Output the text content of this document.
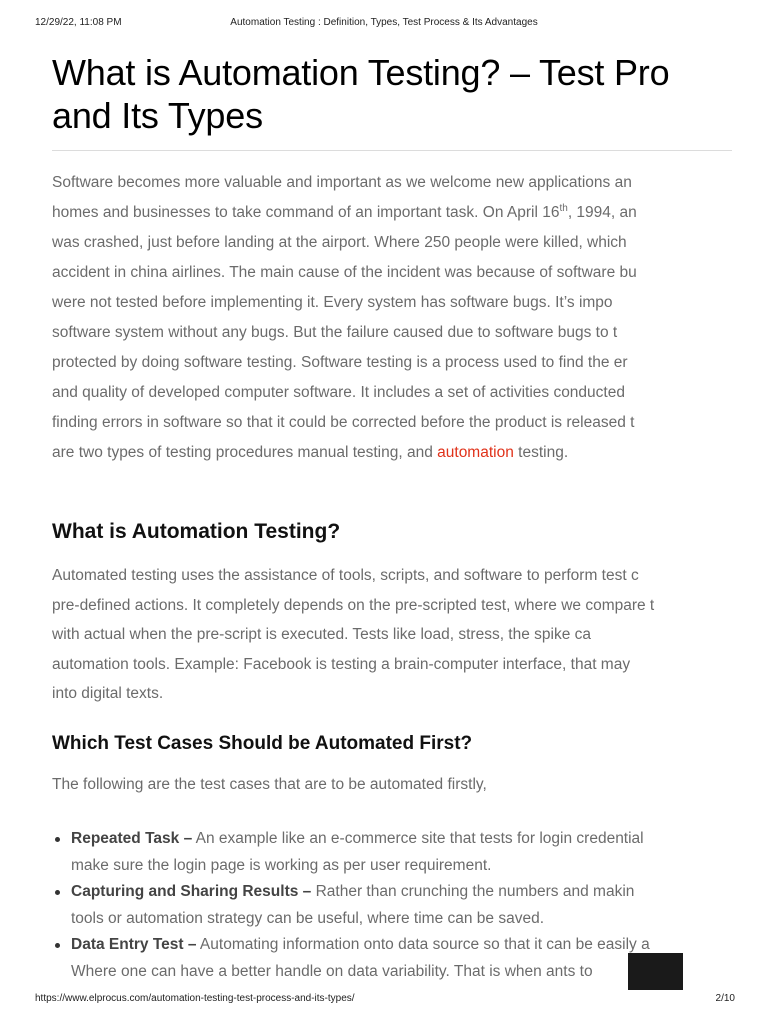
12/29/22, 11:08 PM	Automation Testing : Definition, Types, Test Process & Its Advantages
What is Automation Testing? – Test Pro
and Its Types
Software becomes more valuable and important as we welcome new applications an
homes and businesses to take command of an important task. On April 16th, 1994, an
was crashed, just before landing at the airport. Where 250 people were killed, which
accident in china airlines. The main cause of the incident was because of software bu
were not tested before implementing it. Every system has software bugs. It’s impo
software system without any bugs. But the failure caused due to software bugs to t
protected by doing software testing. Software testing is a process used to find the er
and quality of developed computer software. It includes a set of activities conducted
finding errors in software so that it could be corrected before the product is released t
are two types of testing procedures manual testing, and automation testing.
What is Automation Testing?
Automated testing uses the assistance of tools, scripts, and software to perform test c
pre-defined actions. It completely depends on the pre-scripted test, where we compare t
with actual when the pre-script is executed. Tests like load, stress, the spike ca
automation tools. Example: Facebook is testing a brain-computer interface, that may
into digital texts.
Which Test Cases Should be Automated First?
The following are the test cases that are to be automated firstly,
Repeated Task – An example like an e-commerce site that tests for login credential
make sure the login page is working as per user requirement.
Capturing and Sharing Results – Rather than crunching the numbers and makin
tools or automation strategy can be useful, where time can be saved.
Data Entry Test – Automating information onto data source so that it can be easily a
Where one can have a better handle on data variability. That is when ants to
https://www.elprocus.com/automation-testing-test-process-and-its-types/	2/10
